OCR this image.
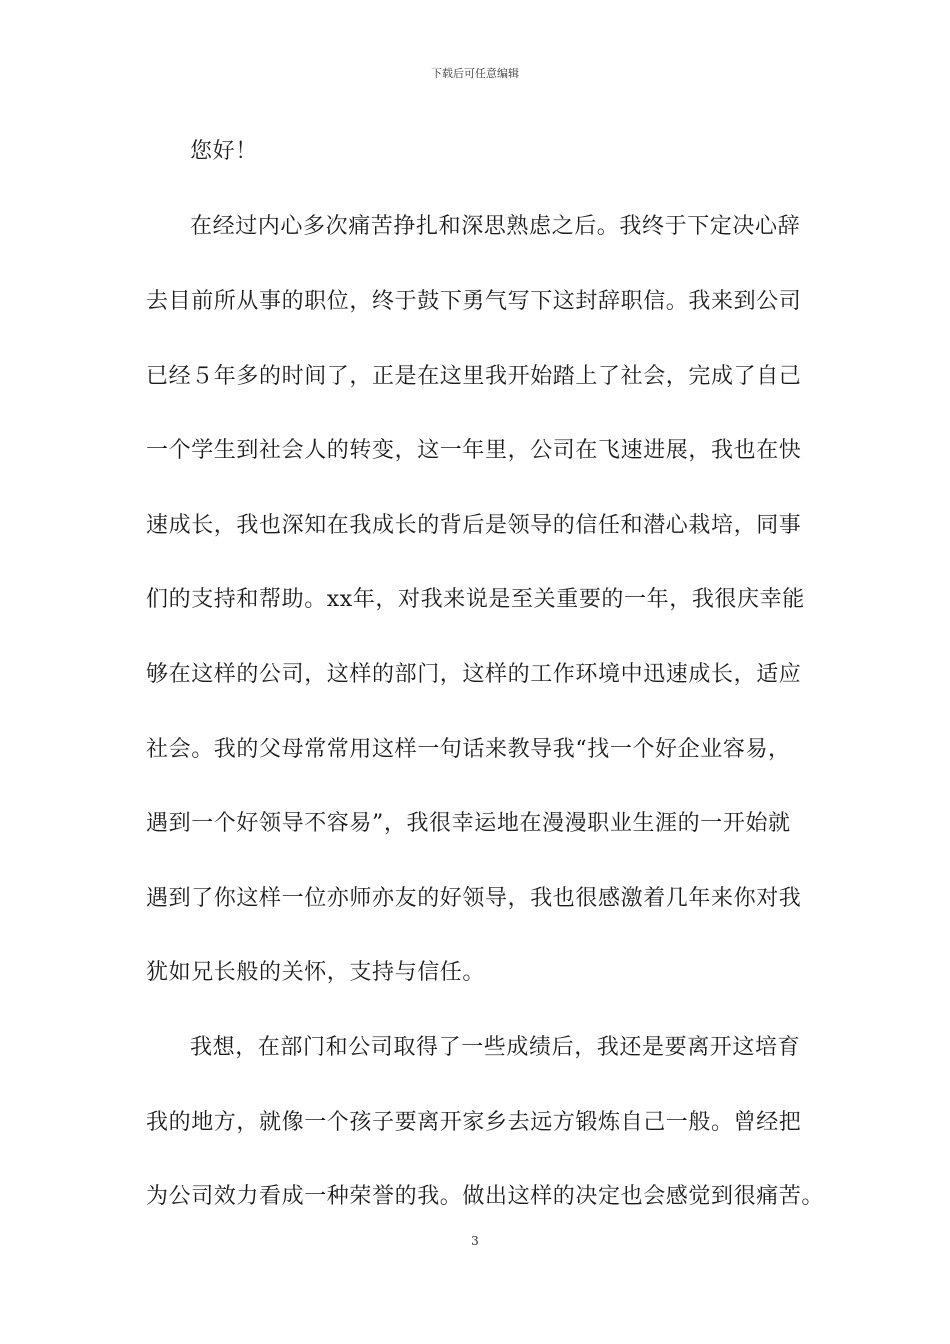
下载后可任意编辑
您好！
在经过内心多次痛苦挣扎和深思熟虑之后。我终于下定决心辞
去目前所从事的职位，终于鼓下勇气写下这封辞职信。我来到公司
已经５年多的时间了，正是在这里我开始踏上了社会，完成了自己
一个学生到社会人的转变，这一年里，公司在飞速进展，我也在快
速成长，我也深知在我成长的背后是领导的信任和潜心栽培，同事
们的支持和帮助。xx年，对我来说是至关重要的一年，我很庆幸能
够在这样的公司，这样的部门，这样的工作环境中迅速成长，适应
社会。我的父母常常用这样一句话来教导我“找一个好企业容易，
遇到一个好领导不容易”，我很幸运地在漫漫职业生涯的一开始就
遇到了你这样一位亦师亦友的好领导，我也很感激着几年来你对我
犹如兄长般的关怀，支持与信任。
我想，在部门和公司取得了一些成绩后，我还是要离开这培育
我的地方，就像一个孩子要离开家乡去远方锻炼自己一般。曾经把
为公司效力看成一种荣誉的我。做出这样的决定也会感觉到很痛苦。
3
